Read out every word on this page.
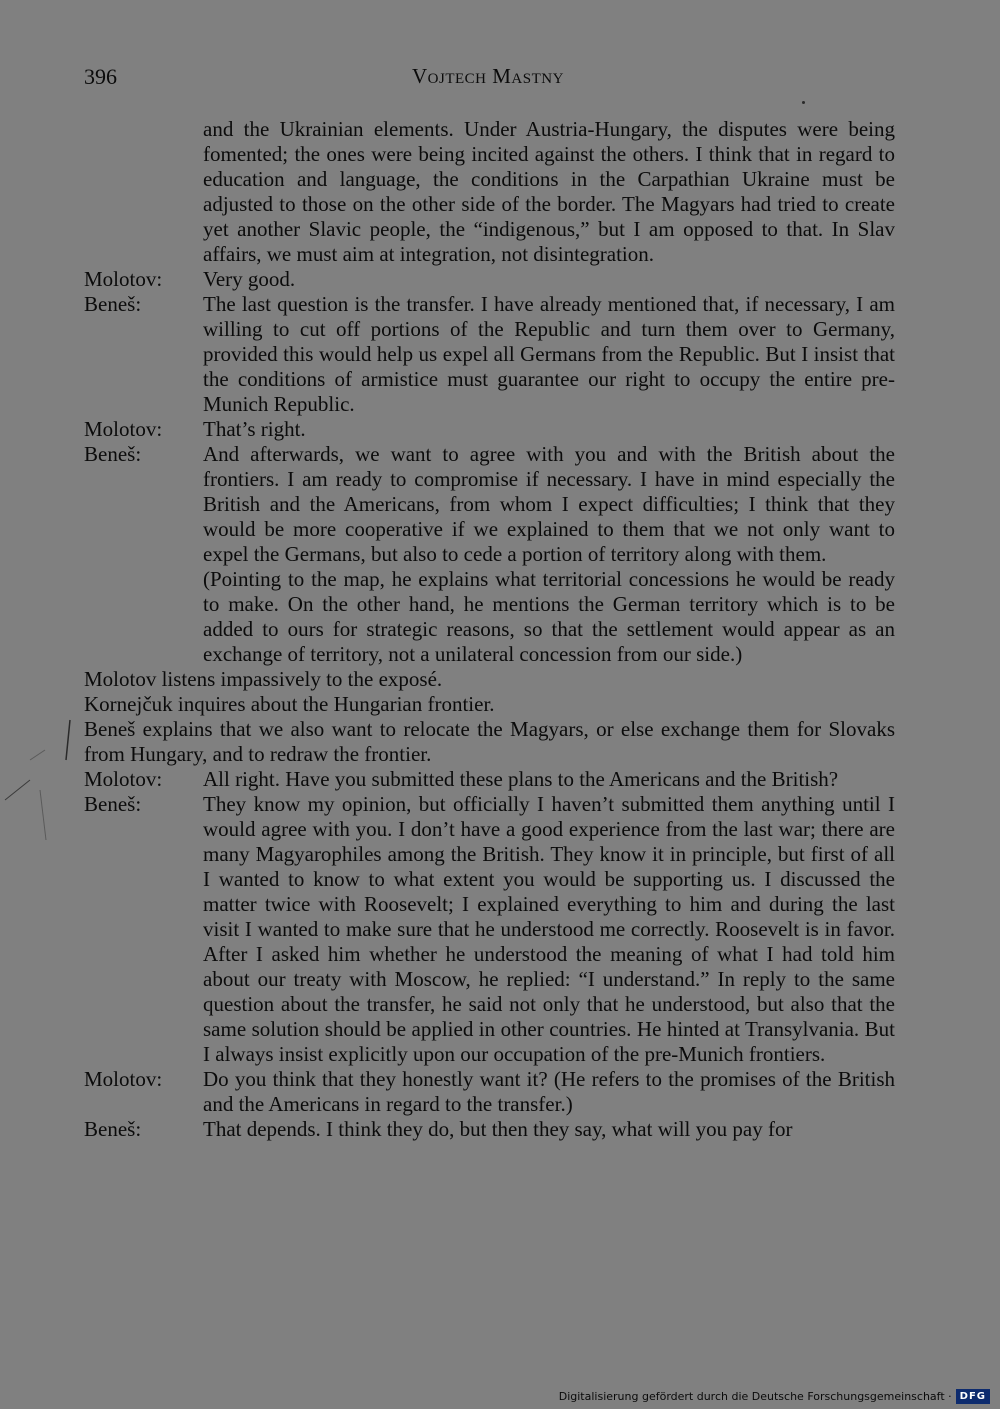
396	Vojtech Mastny
and the Ukrainian elements. Under Austria-Hungary, the disputes were being fomented; the ones were being incited against the others. I think that in regard to education and language, the conditions in the Carpathian Ukraine must be adjusted to those on the other side of the border. The Magyars had tried to create yet another Slavic people, the “indigenous,” but I am opposed to that. In Slav affairs, we must aim at integration, not disintegration.
Molotov: Very good.
Beneš:	The last question is the transfer. I have already mentioned that, if necessary, I am willing to cut off portions of the Republic and turn them over to Germany, provided this would help us expel all Germans from the Republic. But I insist that the conditions of armistice must guarantee our right to occupy the entire pre-Munich Republic.
Molotov: That’s right.
Beneš:	And afterwards, we want to agree with you and with the British about the frontiers. I am ready to compromise if necessary. I have in mind especially the British and the Americans, from whom I expect difficulties; I think that they would be more cooperative if we explained to them that we not only want to expel the Germans, but also to cede a portion of territory along with them.
(Pointing to the map, he explains what territorial concessions he would be ready to make. On the other hand, he mentions the German territory which is to be added to ours for strategic reasons, so that the settlement would appear as an exchange of territory, not a unilateral concession from our side.)
Molotov listens impassively to the exposé.
Kornejčuk inquires about the Hungarian frontier.
Beneš explains that we also want to relocate the Magyars, or else exchange them for Slovaks from Hungary, and to redraw the frontier.
Molotov: All right. Have you submitted these plans to the Americans and the British?
Beneš:	They know my opinion, but officially I haven’t submitted them anything until I would agree with you. I don’t have a good experience from the last war; there are many Magyarophiles among the British. They know it in principle, but first of all I wanted to know to what extent you would be supporting us. I discussed the matter twice with Roosevelt; I explained everything to him and during the last visit I wanted to make sure that he understood me correctly. Roosevelt is in favor. After I asked him whether he understood the meaning of what I had told him about our treaty with Moscow, he replied: “I understand.” In reply to the same question about the transfer, he said not only that he understood, but also that the same solution should be applied in other countries. He hinted at Transylvania. But I always insist explicitly upon our occupation of the pre-Munich frontiers.
Molotov: Do you think that they honestly want it? (He refers to the promises of the British and the Americans in regard to the transfer.)
Beneš:	That depends. I think they do, but then they say, what will you pay for
Digitalisierung gefördert durch die Deutsche Forschungsgemeinschaft · DFG
